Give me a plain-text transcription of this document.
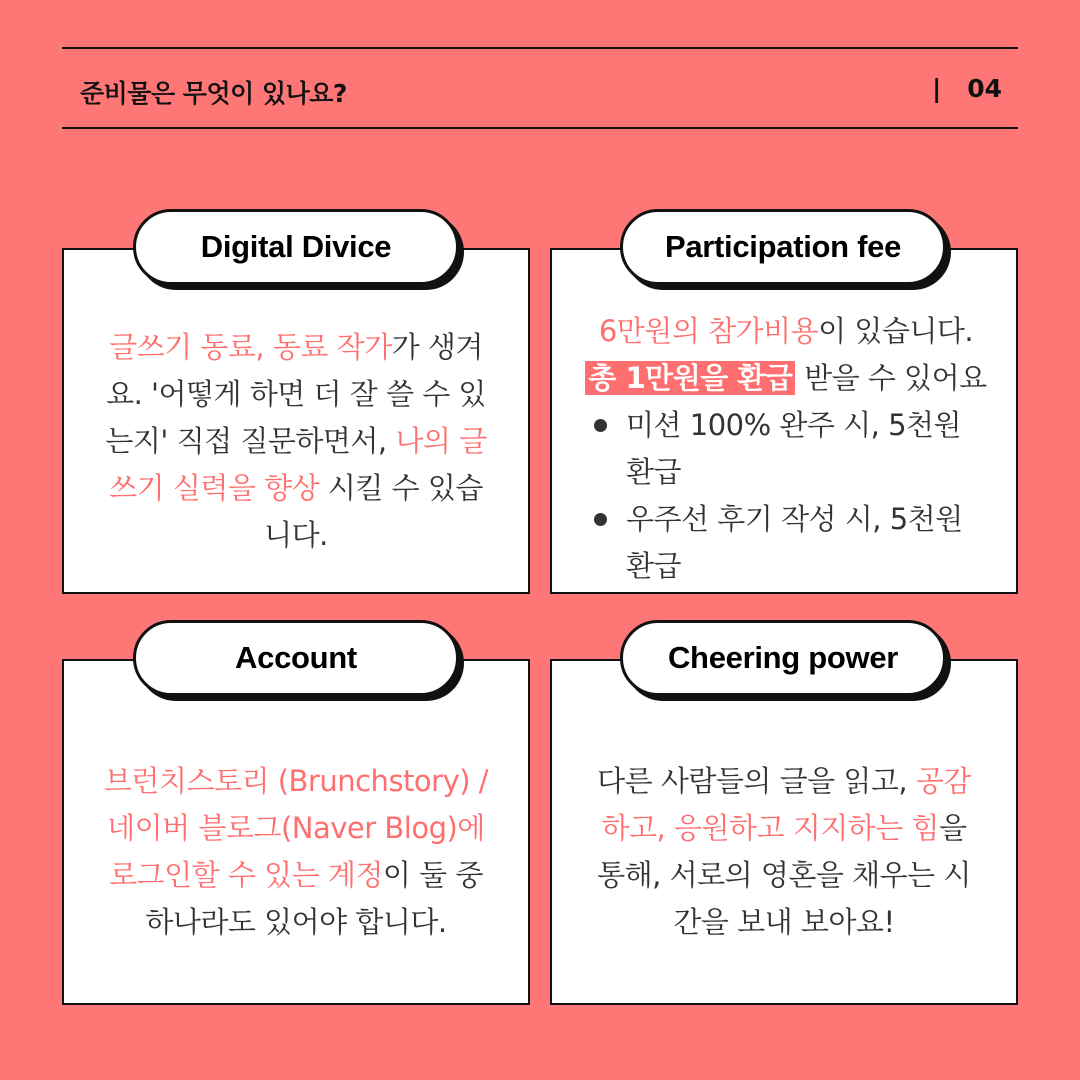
준비물은 무엇이 있나요?	| 04
글쓰기 동료, 동료 작가가 생겨요. '어떻게 하면 더 잘 쓸 수 있는지' 직접 질문하면서, 나의 글쓰기 실력을 향상 시킬 수 있습니다.
Digital Divice
6만원의 참가비용이 있습니다.
총 1만원을 환급 받을 수 있어요
미션 100% 완주 시, 5천원 환급
우주선 후기 작성 시, 5천원 환급
Participation fee
브런치스토리 (Brunchstory) / 네이버 블로그(Naver Blog)에 로그인할 수 있는 계정이 둘 중 하나라도 있어야 합니다.
Account
다른 사람들의 글을 읽고, 공감하고, 응원하고 지지하는 힘을 통해, 서로의 영혼을 채우는 시간을 보내 보아요!
Cheering power
